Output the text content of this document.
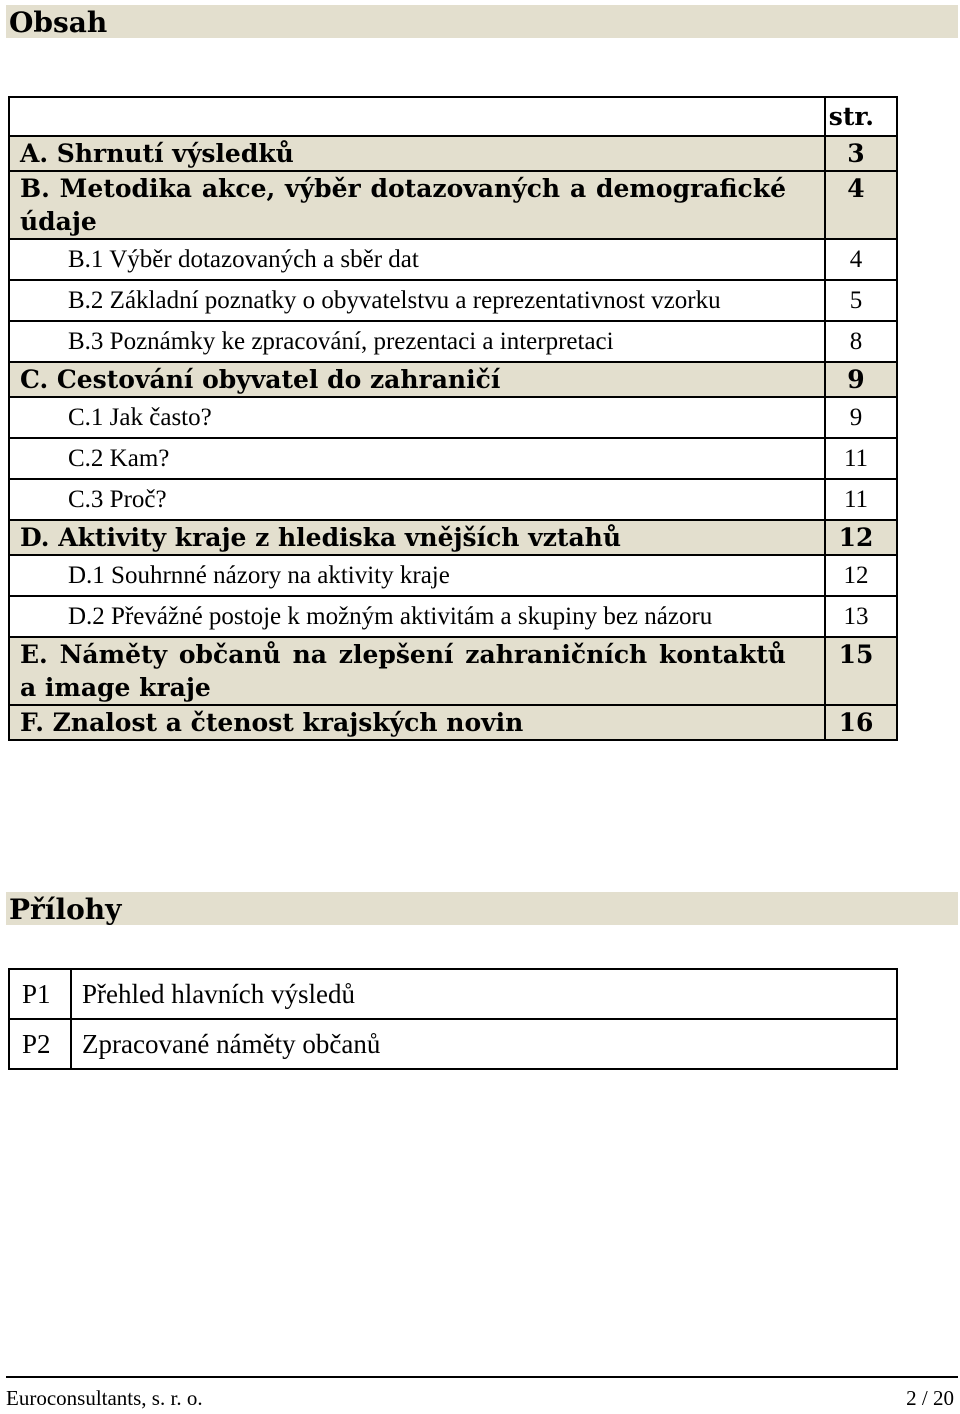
Obsah
	str.
A. Shrnutí výsledků	3
B. Metodika akce, výběr dotazovaných a demografické údaje	4
B.1 Výběr dotazovaných a sběr dat	4
B.2 Základní poznatky o obyvatelstvu a reprezentativnost vzorku	5
B.3 Poznámky ke zpracování, prezentaci a interpretaci	8
C. Cestování obyvatel do zahraničí	9
C.1 Jak často?	9
C.2 Kam?	11
C.3 Proč?	11
D. Aktivity kraje z hlediska vnějších vztahů	12
D.1 Souhrnné názory na aktivity kraje	12
D.2 Převážné postoje k možným aktivitám a skupiny bez názoru	13
E. Náměty občanů na zlepšení zahraničních kontaktů a image kraje	15
F. Znalost a čtenost krajských novin	16
Přílohy
P1	Přehled hlavních výsledů
P2	Zpracované náměty občanů
Euroconsultants, s. r. o.	2 / 20
